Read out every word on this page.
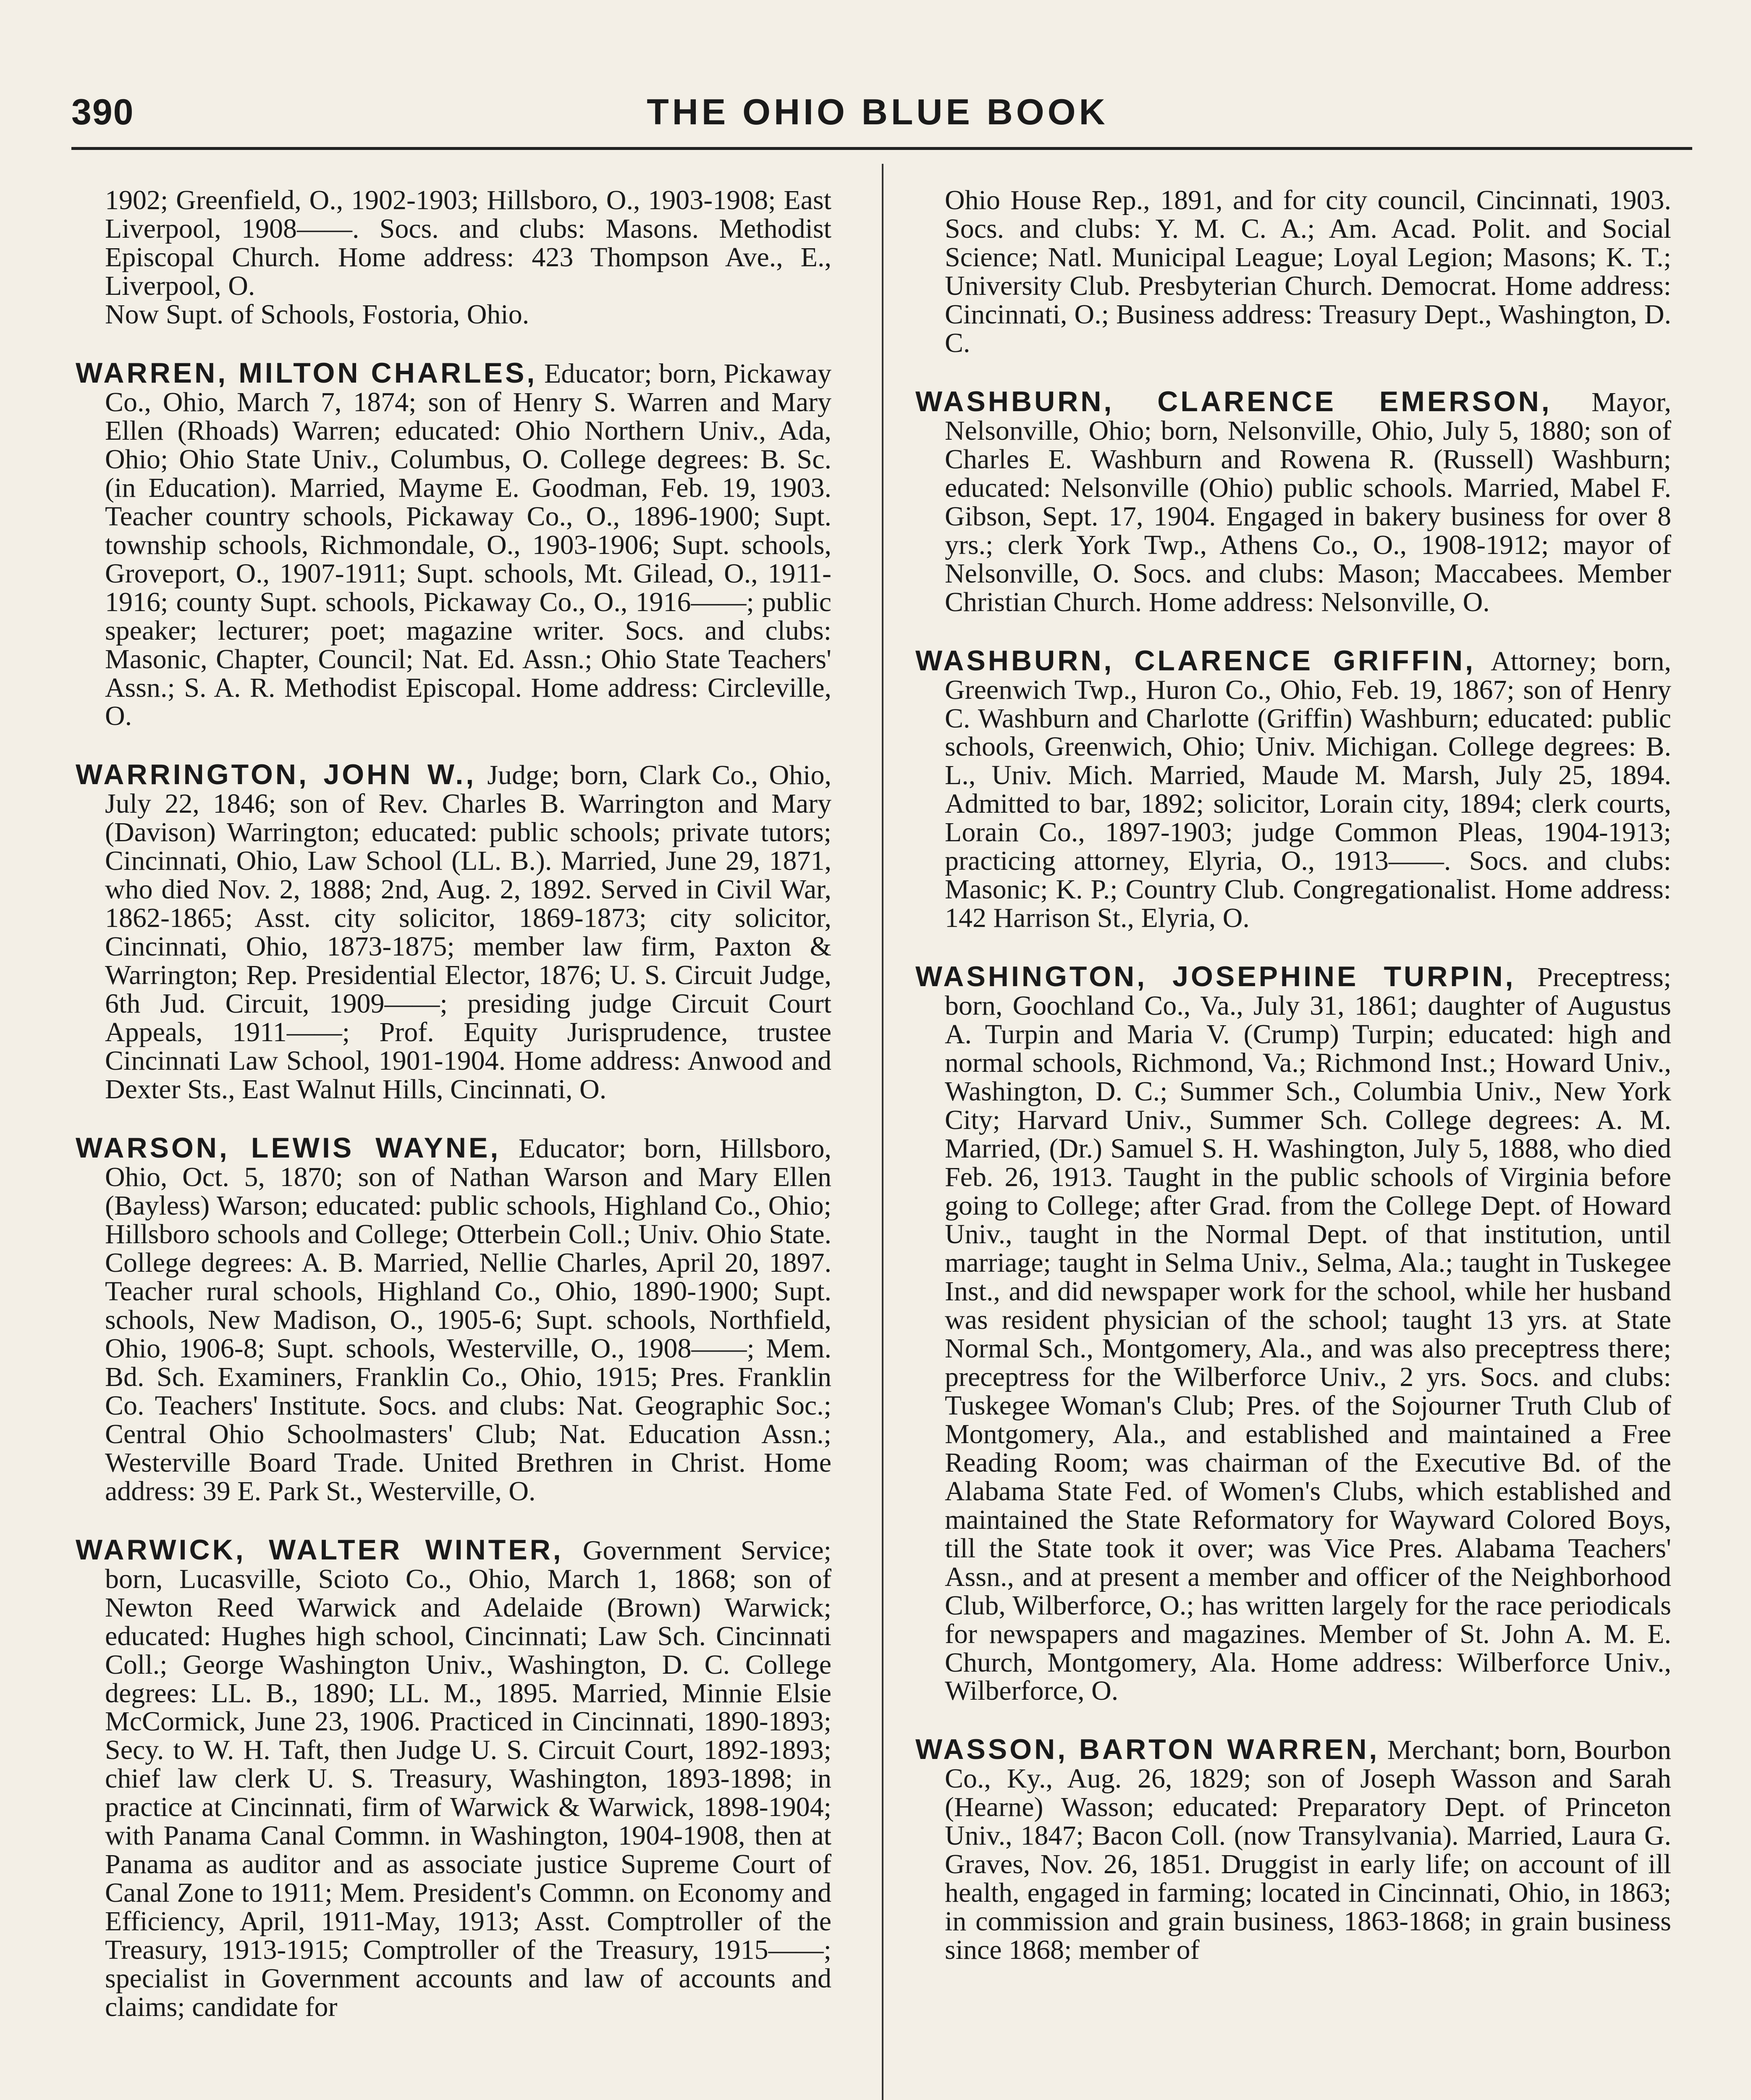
390	THE OHIO BLUE BOOK

1902; Greenfield, O., 1902-1903; Hillsboro, O., 1903-1908; East Liverpool, 1908——. Socs. and clubs: Masons. Methodist Episcopal Church. Home address: 423 Thompson Ave., E., Liverpool, O.
Now Supt. of Schools, Fostoria, Ohio.

WARREN, MILTON CHARLES, Educator; born, Pickaway Co., Ohio, March 7, 1874; son of Henry S. Warren and Mary Ellen (Rhoads) Warren; educated: Ohio Northern Univ., Ada, Ohio; Ohio State Univ., Columbus, O. College degrees: B. Sc. (in Education). Married, Mayme E. Goodman, Feb. 19, 1903. Teacher country schools, Pickaway Co., O., 1896-1900; Supt. township schools, Richmondale, O., 1903-1906; Supt. schools, Groveport, O., 1907-1911; Supt. schools, Mt. Gilead, O., 1911-1916; county Supt. schools, Pickaway Co., O., 1916——; public speaker; lecturer; poet; magazine writer. Socs. and clubs: Masonic, Chapter, Council; Nat. Ed. Assn.; Ohio State Teachers' Assn.; S. A. R. Methodist Episcopal. Home address: Circleville, O.

WARRINGTON, JOHN W., Judge; born, Clark Co., Ohio, July 22, 1846; son of Rev. Charles B. Warrington and Mary (Davison) Warrington; educated: public schools; private tutors; Cincinnati, Ohio, Law School (LL. B.). Married, June 29, 1871, who died Nov. 2, 1888; 2nd, Aug. 2, 1892. Served in Civil War, 1862-1865; Asst. city solicitor, 1869-1873; city solicitor, Cincinnati, Ohio, 1873-1875; member law firm, Paxton & Warrington; Rep. Presidential Elector, 1876; U. S. Circuit Judge, 6th Jud. Circuit, 1909——; presiding judge Circuit Court Appeals, 1911——; Prof. Equity Jurisprudence, trustee Cincinnati Law School, 1901-1904. Home address: Anwood and Dexter Sts., East Walnut Hills, Cincinnati, O.

WARSON, LEWIS WAYNE, Educator; born, Hillsboro, Ohio, Oct. 5, 1870; son of Nathan Warson and Mary Ellen (Bayless) Warson; educated: public schools, Highland Co., Ohio; Hillsboro schools and College; Otterbein Coll.; Univ. Ohio State. College degrees: A. B. Married, Nellie Charles, April 20, 1897. Teacher rural schools, Highland Co., Ohio, 1890-1900; Supt. schools, New Madison, O., 1905-6; Supt. schools, Northfield, Ohio, 1906-8; Supt. schools, Westerville, O., 1908——; Mem. Bd. Sch. Examiners, Franklin Co., Ohio, 1915; Pres. Franklin Co. Teachers' Institute. Socs. and clubs: Nat. Geographic Soc.; Central Ohio Schoolmasters' Club; Nat. Education Assn.; Westerville Board Trade. United Brethren in Christ. Home address: 39 E. Park St., Westerville, O.

WARWICK, WALTER WINTER, Government Service; born, Lucasville, Scioto Co., Ohio, March 1, 1868; son of Newton Reed Warwick and Adelaide (Brown) Warwick; educated: Hughes high school, Cincinnati; Law Sch. Cincinnati Coll.; George Washington Univ., Washington, D. C. College degrees: LL. B., 1890; LL. M., 1895. Married, Minnie Elsie McCormick, June 23, 1906. Practiced in Cincinnati, 1890-1893; Secy. to W. H. Taft, then Judge U. S. Circuit Court, 1892-1893; chief law clerk U. S. Treasury, Washington, 1893-1898; in practice at Cincinnati, firm of Warwick & Warwick, 1898-1904; with Panama Canal Commn. in Washington, 1904-1908, then at Panama as auditor and as associate justice Supreme Court of Canal Zone to 1911; Mem. President's Commn. on Economy and Efficiency, April, 1911-May, 1913; Asst. Comptroller of the Treasury, 1913-1915; Comptroller of the Treasury, 1915——; specialist in Government accounts and law of accounts and claims; candidate for

Ohio House Rep., 1891, and for city council, Cincinnati, 1903. Socs. and clubs: Y. M. C. A.; Am. Acad. Polit. and Social Science; Natl. Municipal League; Loyal Legion; Masons; K. T.; University Club. Presbyterian Church. Democrat. Home address: Cincinnati, O.; Business address: Treasury Dept., Washington, D. C.

WASHBURN, CLARENCE EMERSON, Mayor, Nelsonville, Ohio; born, Nelsonville, Ohio, July 5, 1880; son of Charles E. Washburn and Rowena R. (Russell) Washburn; educated: Nelsonville (Ohio) public schools. Married, Mabel F. Gibson, Sept. 17, 1904. Engaged in bakery business for over 8 yrs.; clerk York Twp., Athens Co., O., 1908-1912; mayor of Nelsonville, O. Socs. and clubs: Mason; Maccabees. Member Christian Church. Home address: Nelsonville, O.

WASHBURN, CLARENCE GRIFFIN, Attorney; born, Greenwich Twp., Huron Co., Ohio, Feb. 19, 1867; son of Henry C. Washburn and Charlotte (Griffin) Washburn; educated: public schools, Greenwich, Ohio; Univ. Michigan. College degrees: B. L., Univ. Mich. Married, Maude M. Marsh, July 25, 1894. Admitted to bar, 1892; solicitor, Lorain city, 1894; clerk courts, Lorain Co., 1897-1903; judge Common Pleas, 1904-1913; practicing attorney, Elyria, O., 1913——. Socs. and clubs: Masonic; K. P.; Country Club. Congregationalist. Home address: 142 Harrison St., Elyria, O.

WASHINGTON, JOSEPHINE TURPIN, Preceptress; born, Goochland Co., Va., July 31, 1861; daughter of Augustus A. Turpin and Maria V. (Crump) Turpin; educated: high and normal schools, Richmond, Va.; Richmond Inst.; Howard Univ., Washington, D. C.; Summer Sch., Columbia Univ., New York City; Harvard Univ., Summer Sch. College degrees: A. M. Married, (Dr.) Samuel S. H. Washington, July 5, 1888, who died Feb. 26, 1913. Taught in the public schools of Virginia before going to College; after Grad. from the College Dept. of Howard Univ., taught in the Normal Dept. of that institution, until marriage; taught in Selma Univ., Selma, Ala.; taught in Tuskegee Inst., and did newspaper work for the school, while her husband was resident physician of the school; taught 13 yrs. at State Normal Sch., Montgomery, Ala., and was also preceptress there; preceptress for the Wilberforce Univ., 2 yrs. Socs. and clubs: Tuskegee Woman's Club; Pres. of the Sojourner Truth Club of Montgomery, Ala., and established and maintained a Free Reading Room; was chairman of the Executive Bd. of the Alabama State Fed. of Women's Clubs, which established and maintained the State Reformatory for Wayward Colored Boys, till the State took it over; was Vice Pres. Alabama Teachers' Assn., and at present a member and officer of the Neighborhood Club, Wilberforce, O.; has written largely for the race periodicals for newspapers and magazines. Member of St. John A. M. E. Church, Montgomery, Ala. Home address: Wilberforce Univ., Wilberforce, O.

WASSON, BARTON WARREN, Merchant; born, Bourbon Co., Ky., Aug. 26, 1829; son of Joseph Wasson and Sarah (Hearne) Wasson; educated: Preparatory Dept. of Princeton Univ., 1847; Bacon Coll. (now Transylvania). Married, Laura G. Graves, Nov. 26, 1851. Druggist in early life; on account of ill health, engaged in farming; located in Cincinnati, Ohio, in 1863; in commission and grain business, 1863-1868; in grain business since 1868; member of
